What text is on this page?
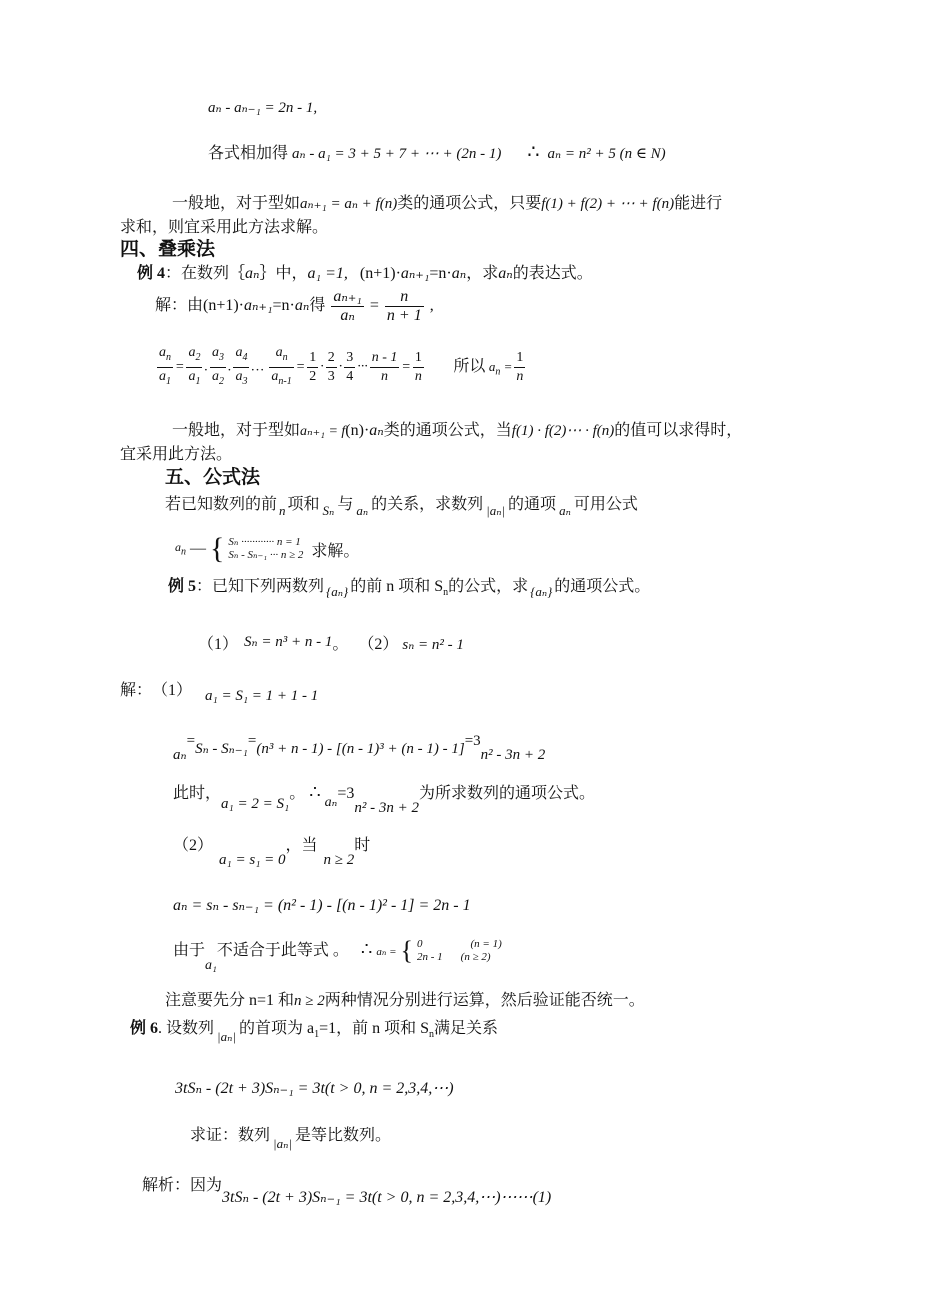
aₙ - aₙ₋₁ = 2n - 1,
各式相加得 aₙ - a₁ = 3 + 5 + 7 + ⋯ + (2n - 1) ∴ aₙ = n² + 5 (n ∈ N)
一般地，对于型如aₙ₊₁ = aₙ + f(n)类的通项公式，只要f(1) + f(2) + ⋯ + f(n)能进行
求和，则宜采用此方法求解。
四、叠乘法
例 4：在数列｛aₙ｝中，a₁ =1, (n+1)·aₙ₊₁=n·aₙ，求aₙ的表达式。
解：由(n+1)·aₙ₊₁=n·aₙ得 $\frac{\text{aₙ₊₁}}{\text{aₙ}} = \frac{n}{n + 1}$ ,
$\frac{a_n}{a_1} = \frac{a_2}{a_1}$ . $\frac{a_3}{a_2}$ . $\frac{a_4}{a_3}$ … $\frac{a_n}{a_{n-1}} = \frac{1}{2} \cdot \frac{2}{3} \cdot \frac{3}{4}$ ··· $\frac{n - 1}{n} = \frac{1}{n}$ 所以 $a_n = \frac{1}{n}$
一般地，对于型如aₙ₊₁ = f(n)·aₙ类的通项公式，当f(1) · f(2)⋯ · f(n)的值可以求得时，
宜采用此方法。
五、公式法
若已知数列的前 $_n$ 项和 $_{S_n}$ 与 $_{a_n}$ 的关系，求数列 $_{|a_n|}$ 的通项 $_{a_n}$ 可用公式
$a_n$ — { Sₙ ············ n = 1
Sₙ - Sₙ₋₁ ··· n ≥ 2 求解。
例 5：已知下列两数列 $_{\{a_n\}}$ 的前 n 项和 $S_n$的公式，求 $_{\{a_n\}}$ 的通项公式。
（1） Sₙ = n³ + n - 1。 （2） sₙ = n² - 1
解： （1） a₁ = S₁ = 1 + 1 - 1
aₙ=Sₙ - Sₙ₋₁=(n³ + n - 1) - [(n - 1)³ + (n - 1) - 1]=3n² - 3n + 2
此时，a₁ = 2 = S₁。 ∴ aₙ=3n² - 3n + 2为所求数列的通项公式。
（2）a₁ = s₁ = 0，当n ≥ 2时
aₙ = sₙ - sₙ₋₁ = (n² - 1) - [(n - 1)² - 1] = 2n - 1
由于a₁不适合于此等式 。 ∴ aₙ = { 0	(n = 1)
2n - 1 (n ≥ 2)
注意要先分 n=1 和n ≥ 2两种情况分别进行运算，然后验证能否统一。
例 6. 设数列 $_{|a_n|}$ 的首项为 $a_1=1$，前 n 项和 $S_n$满足关系
3tSₙ - (2t + 3)Sₙ₋₁ = 3t(t > 0, n = 2,3,4,⋯)
求证：数列 $_{|a_n|}$ 是等比数列。
解析：因为3tSₙ - (2t + 3)Sₙ₋₁ = 3t(t > 0, n = 2,3,4,⋯)⋯⋯(1)
